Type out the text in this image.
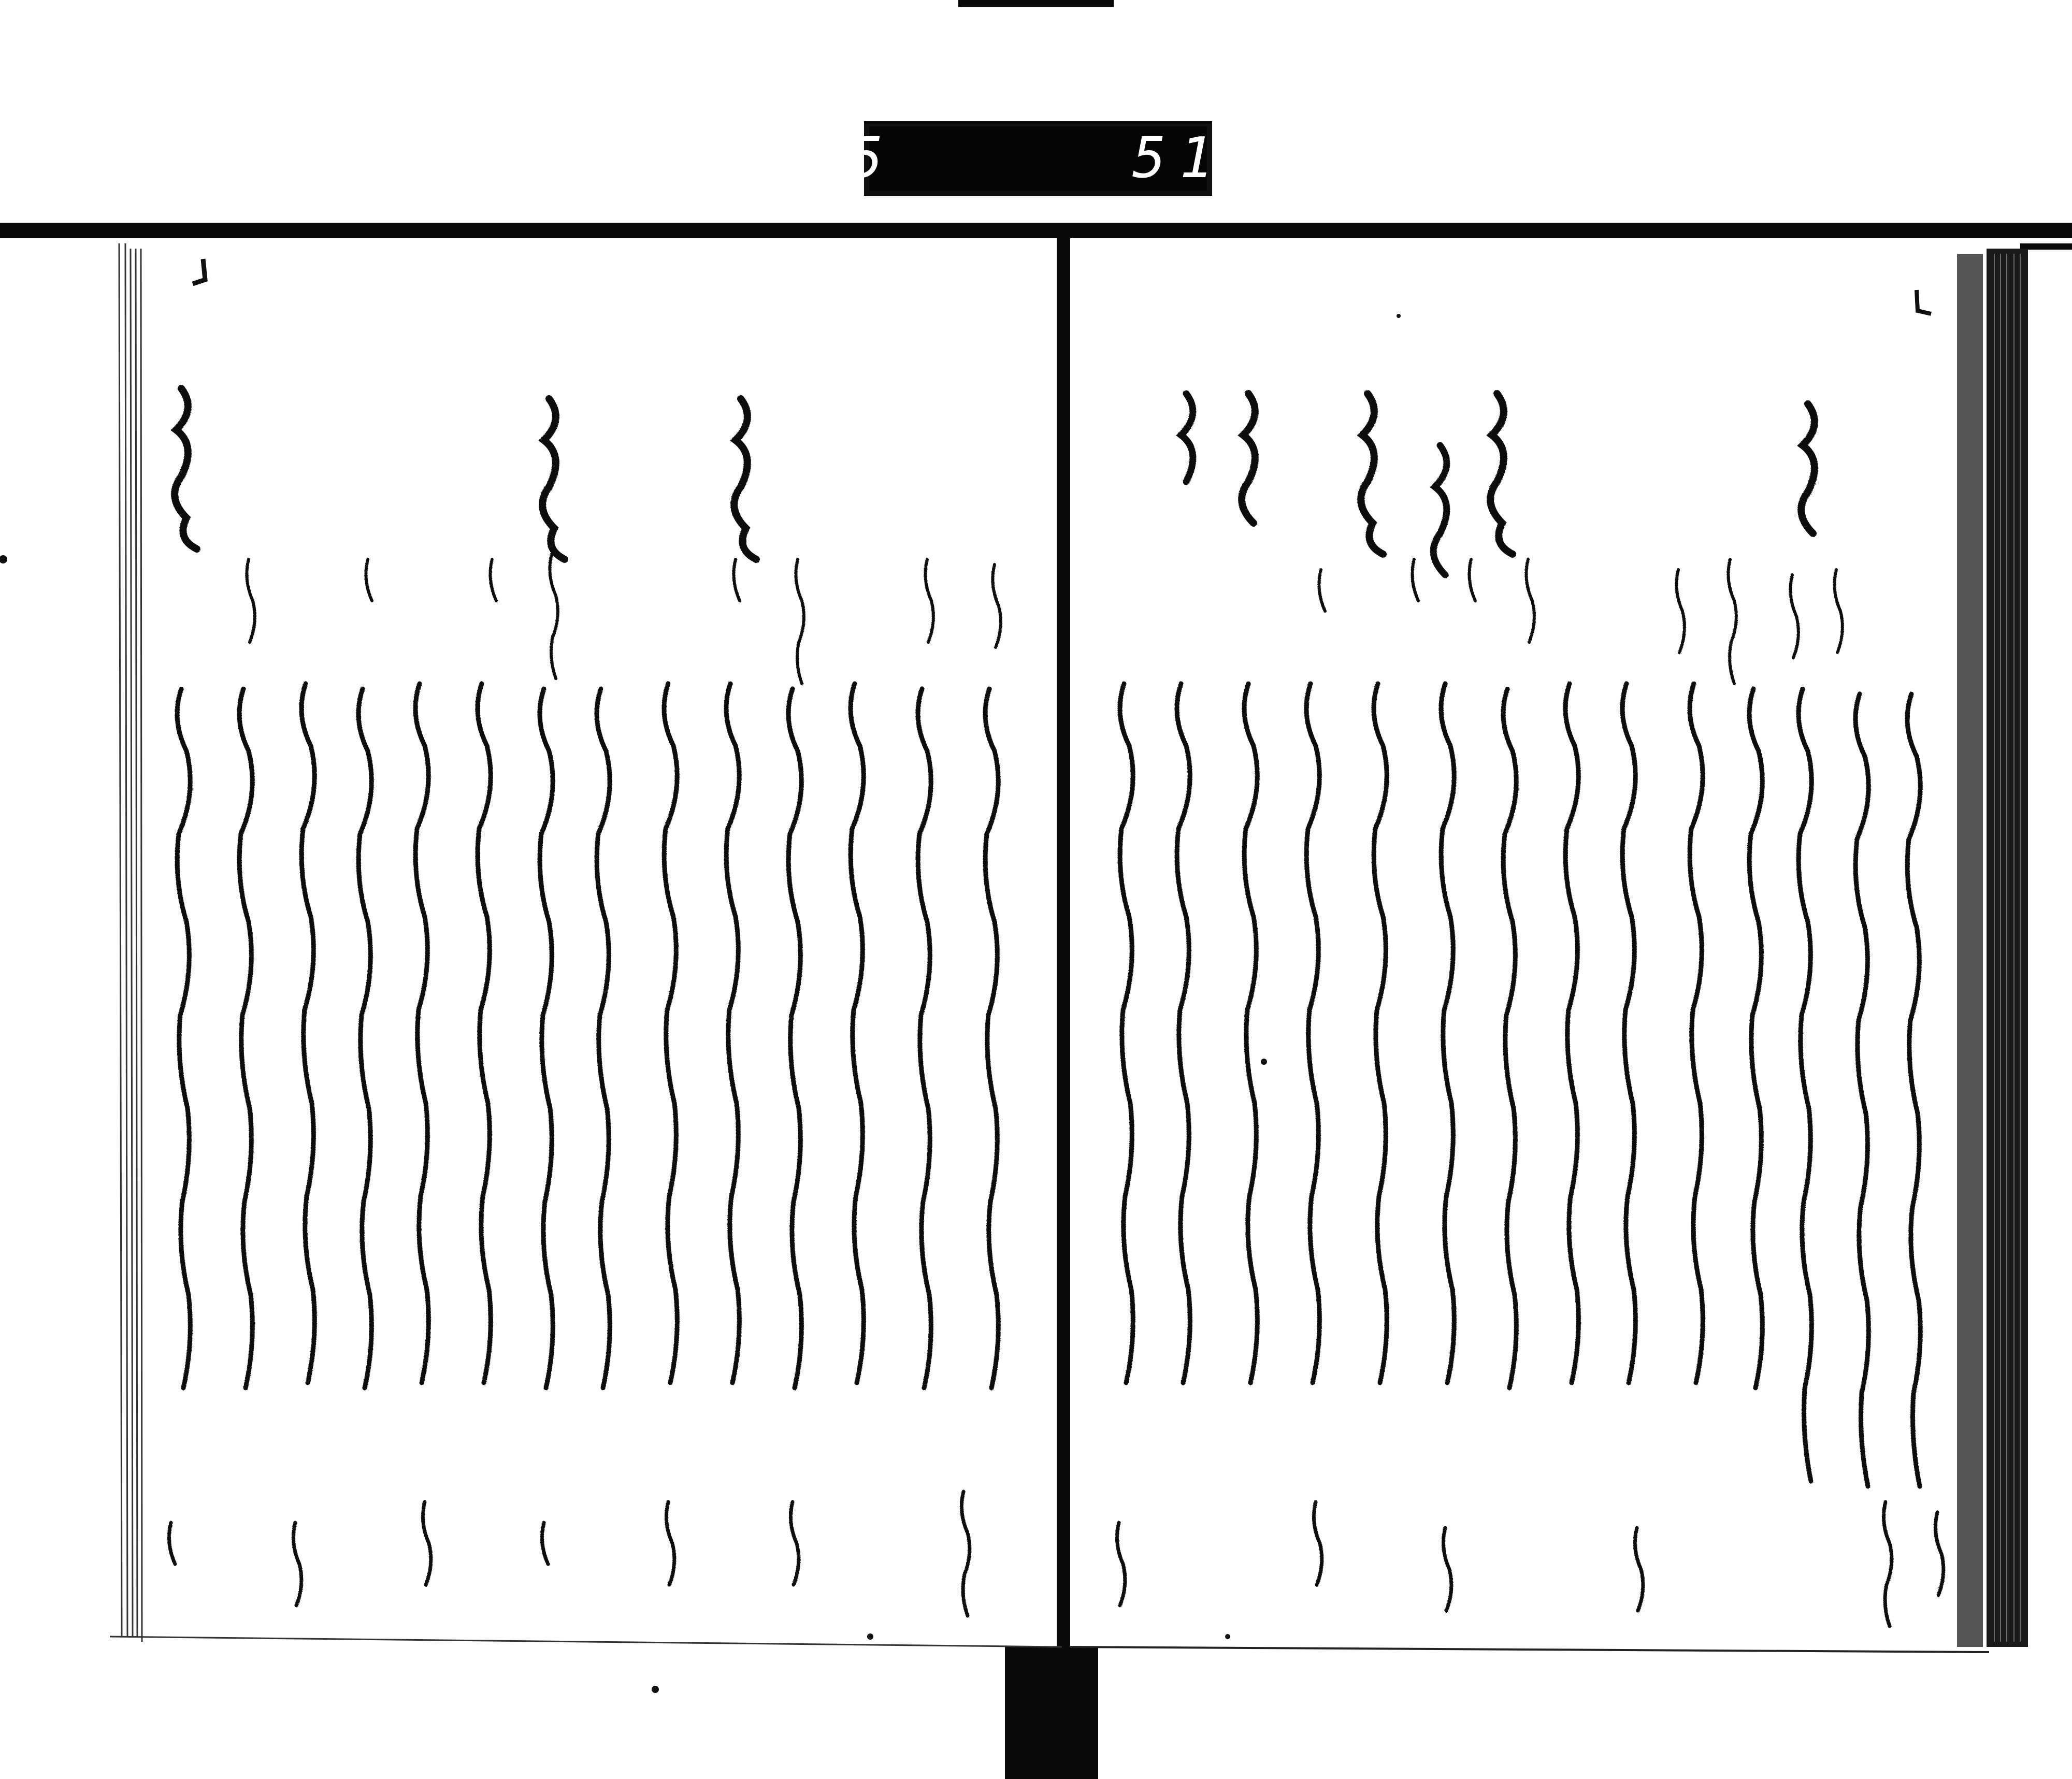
285	510.
